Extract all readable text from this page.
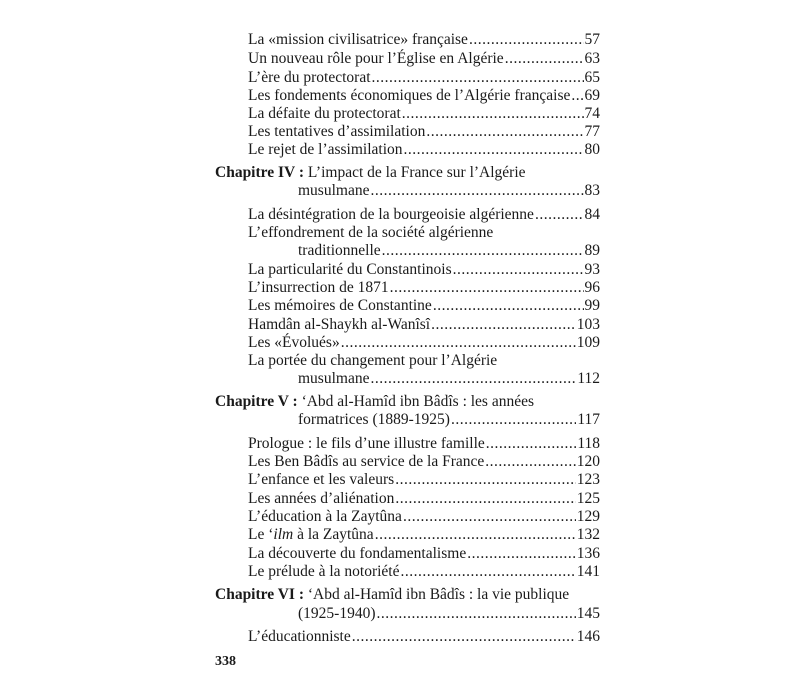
La «mission civilisatrice» française .....	57
Un nouveau rôle pour l’Église en Algérie .....	63
L’ère du protectorat .....	65
Les fondements économiques de l’Algérie française ..... 69
La défaite du protectorat .....	74
Les tentatives d’assimilation .....	77
Le rejet de l’assimilation .....	80
Chapitre IV : L’impact de la France sur l’Algérie
musulmane .....	83
La désintégration de la bourgeoisie algérienne .....	84
L’effondrement de la société algérienne
traditionnelle .....	89
La particularité du Constantinois .....	93
L’insurrection de 1871 .....	96
Les mémoires de Constantine .....	99
Hamdân al-Shaykh al-Wanîsî .....	103
Les «Évolués» .....	109
La portée du changement pour l’Algérie
musulmane .....	112
Chapitre V : ‘Abd al-Hamîd ibn Bâdîs : les années
formatrices (1889-1925) .....	117
Prologue : le fils d’une illustre famille .....	118
Les Ben Bâdîs au service de la France .....	120
L’enfance et les valeurs .....	123
Les années d’aliénation .....	125
L’éducation à la Zaytûna .....	129
Le ‘ilm à la Zaytûna .....	132
La découverte du fondamentalisme .....	136
Le prélude à la notoriété .....	141
Chapitre VI : ‘Abd al-Hamîd ibn Bâdîs : la vie publique
(1925-1940) .....	145
L’éducationniste .....	146
338
